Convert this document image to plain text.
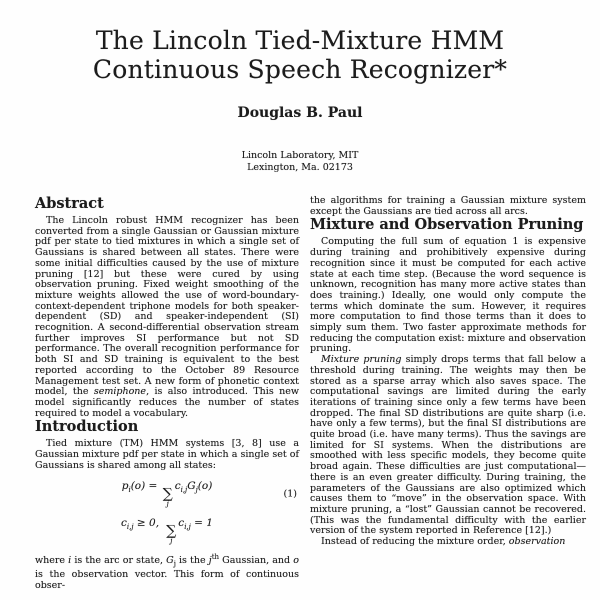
The Lincoln Tied-Mixture HMM
Continuous Speech Recognizer*
Douglas B. Paul
Lincoln Laboratory, MIT
Lexington, Ma. 02173
Abstract

The Lincoln robust HMM recognizer has been converted from a single Gaussian or Gaussian mixture pdf per state to tied mixtures in which a single set of Gaussians is shared between all states. There were some initial difficulties caused by the use of mixture pruning [12] but these were cured by using observation pruning. Fixed weight smoothing of the mixture weights allowed the use of word-boundary-context-dependent triphone models for both speaker-dependent (SD) and speaker-independent (SI) recognition. A second-differential observation stream further improves SI performance but not SD performance. The overall recognition performance for both SI and SD training is equivalent to the best reported according to the October 89 Resource Management test set. A new form of phonetic context model, the semiphone, is also introduced. This new model significantly reduces the number of states required to model a vocabulary.

Introduction

Tied mixture (TM) HMM systems [3, 8] use a Gaussian mixture pdf per state in which a single set of Gaussians is shared among all states:

$p_i(o)$ = ∑
j
$c_{i,j}G_j(o)$
(1)
$c_{i,j} \ge 0$,  ∑
j
$c_{i,j} = 1$

where i is the arc or state, $G_j$ is the $j^{th}$ Gaussian, and o is the observation vector. This form of continuous obser-

the algorithms for training a Gaussian mixture system except the Gaussians are tied across all arcs.

Mixture and Observation Pruning

Computing the full sum of equation 1 is expensive during training and prohibitively expensive during recognition since it must be computed for each active state at each time step. (Because the word sequence is unknown, recognition has many more active states than does training.) Ideally, one would only compute the terms which dominate the sum. However, it requires more computation to find those terms than it does to simply sum them. Two faster approximate methods for reducing the computation exist: mixture and observation pruning.

Mixture pruning simply drops terms that fall below a threshold during training. The weights may then be stored as a sparse array which also saves space. The computational savings are limited during the early iterations of training since only a few terms have been dropped. The final SD distributions are quite sharp (i.e. have only a few terms), but the final SI distributions are quite broad (i.e. have many terms). Thus the savings are limited for SI systems. When the distributions are smoothed with less specific models, they become quite broad again. These difficulties are just computational—there is an even greater difficulty. During training, the parameters of the Gaussians are also optimized which causes them to “move” in the observation space. With mixture pruning, a “lost” Gaussian cannot be recovered. (This was the fundamental difficulty with the earlier version of the system reported in Reference [12].)

Instead of reducing the mixture order, observation
